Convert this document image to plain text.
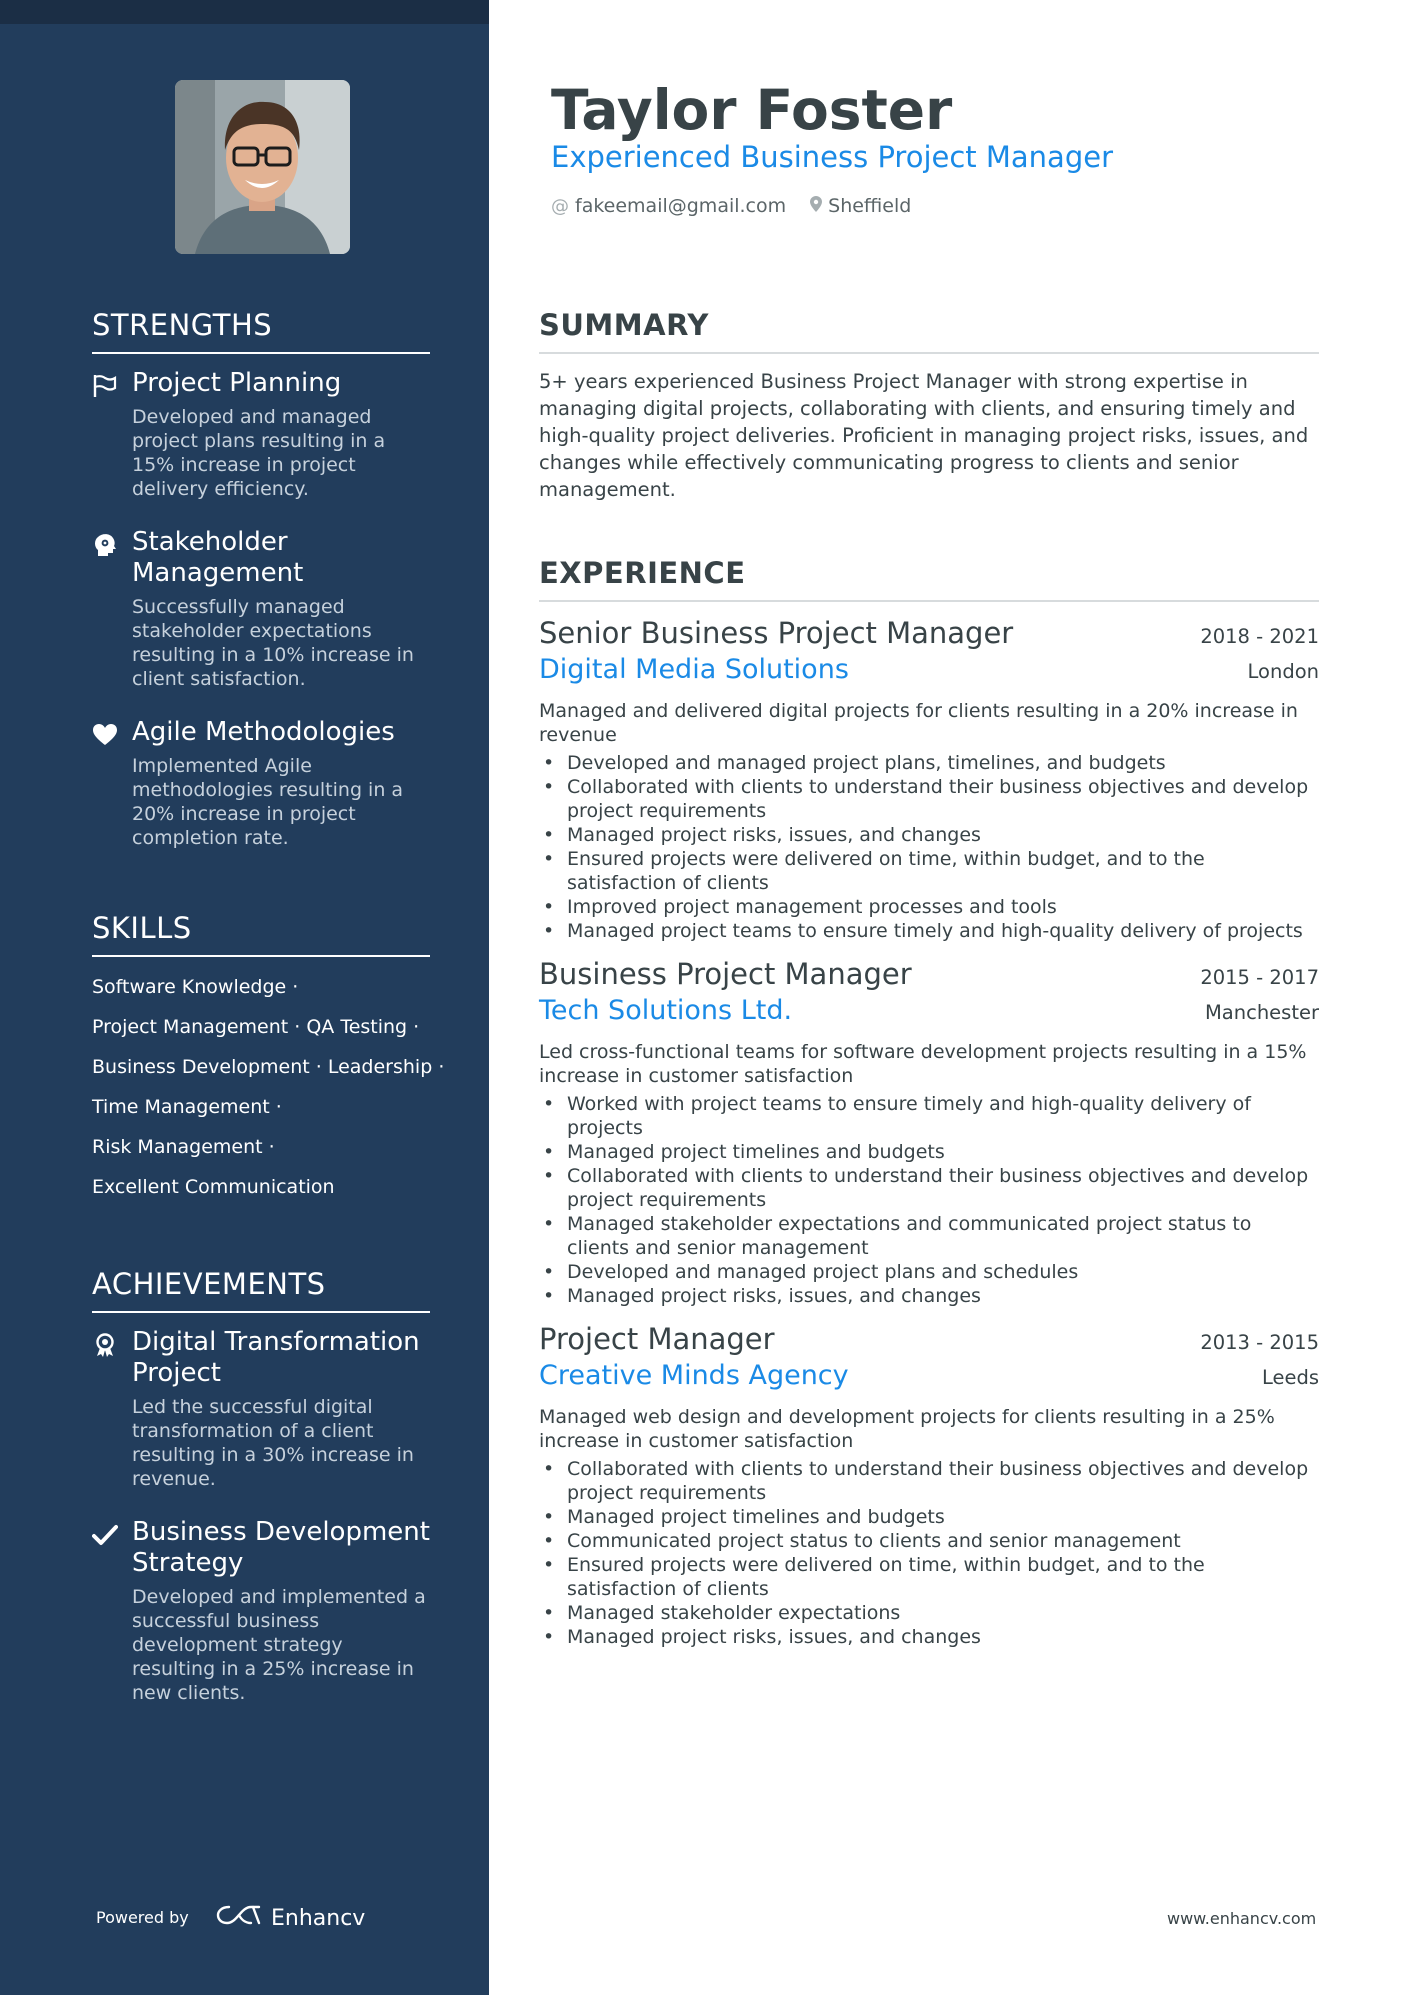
STRENGTHS
Project Planning
Developed and managed project plans resulting in a 15% increase in project delivery efficiency.
Stakeholder Management
Successfully managed stakeholder expectations resulting in a 10% increase in client satisfaction.
Agile Methodologies
Implemented Agile methodologies resulting in a 20% increase in project completion rate.
SKILLS
Software Knowledge ·
Project Management · QA Testing ·
Business Development · Leadership ·
Time Management ·
Risk Management ·
Excellent Communication
ACHIEVEMENTS
Digital Transformation Project
Led the successful digital transformation of a client resulting in a 30% increase in revenue.
Business Development Strategy
Developed and implemented a successful business development strategy resulting in a 25% increase in new clients.
Powered by	Enhancv
Taylor Foster
Experienced Business Project Manager
@ fakeemail@gmail.com Sheffield
SUMMARY

5+ years experienced Business Project Manager with strong expertise in managing digital projects, collaborating with clients, and ensuring timely and high-quality project deliveries. Proficient in managing project risks, issues, and changes while effectively communicating progress to clients and senior management.

EXPERIENCE
Senior Business Project Manager	2018 - 2021
Digital Media Solutions	London

Managed and delivered digital projects for clients resulting in a 20% increase in revenue

• Developed and managed project plans, timelines, and budgets
• Collaborated with clients to understand their business objectives and develop project requirements
• Managed project risks, issues, and changes
• Ensured projects were delivered on time, within budget, and to the satisfaction of clients
• Improved project management processes and tools
• Managed project teams to ensure timely and high-quality delivery of projects
Business Project Manager	2015 - 2017
Tech Solutions Ltd.	Manchester

Led cross-functional teams for software development projects resulting in a 15% increase in customer satisfaction

• Worked with project teams to ensure timely and high-quality delivery of projects
• Managed project timelines and budgets
• Collaborated with clients to understand their business objectives and develop project requirements
• Managed stakeholder expectations and communicated project status to clients and senior management
• Developed and managed project plans and schedules
• Managed project risks, issues, and changes
Project Manager	2013 - 2015
Creative Minds Agency	Leeds

Managed web design and development projects for clients resulting in a 25% increase in customer satisfaction

• Collaborated with clients to understand their business objectives and develop project requirements
• Managed project timelines and budgets
• Communicated project status to clients and senior management
• Ensured projects were delivered on time, within budget, and to the satisfaction of clients
• Managed stakeholder expectations
• Managed project risks, issues, and changes
www.enhancv.com
